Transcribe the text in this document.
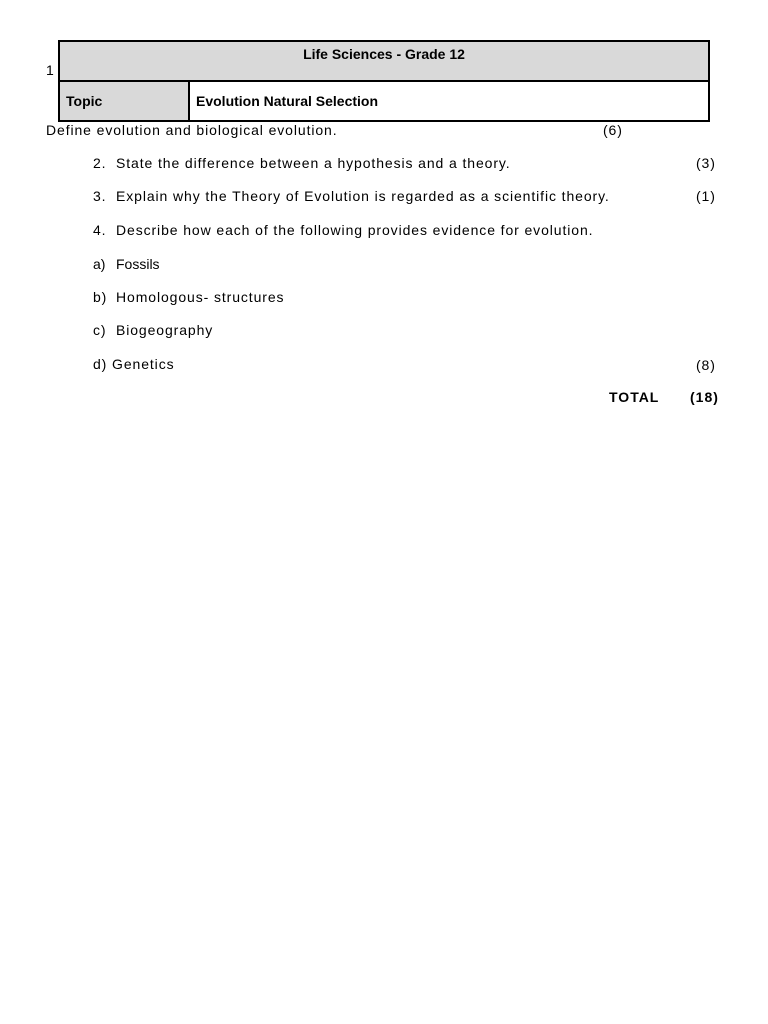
1
Life Sciences - Grade 12
Topic	Evolution Natural Selection
Define evolution and biological evolution.	(6)
2. State the difference between a hypothesis and a theory.	(3)
3. Explain why the Theory of Evolution is regarded as a scientific theory.	(1)
4. Describe how each of the following provides evidence for evolution.
a) Fossils
b) Homologous- structures
c) Biogeography
d) Genetics	(8)
TOTAL (18)
